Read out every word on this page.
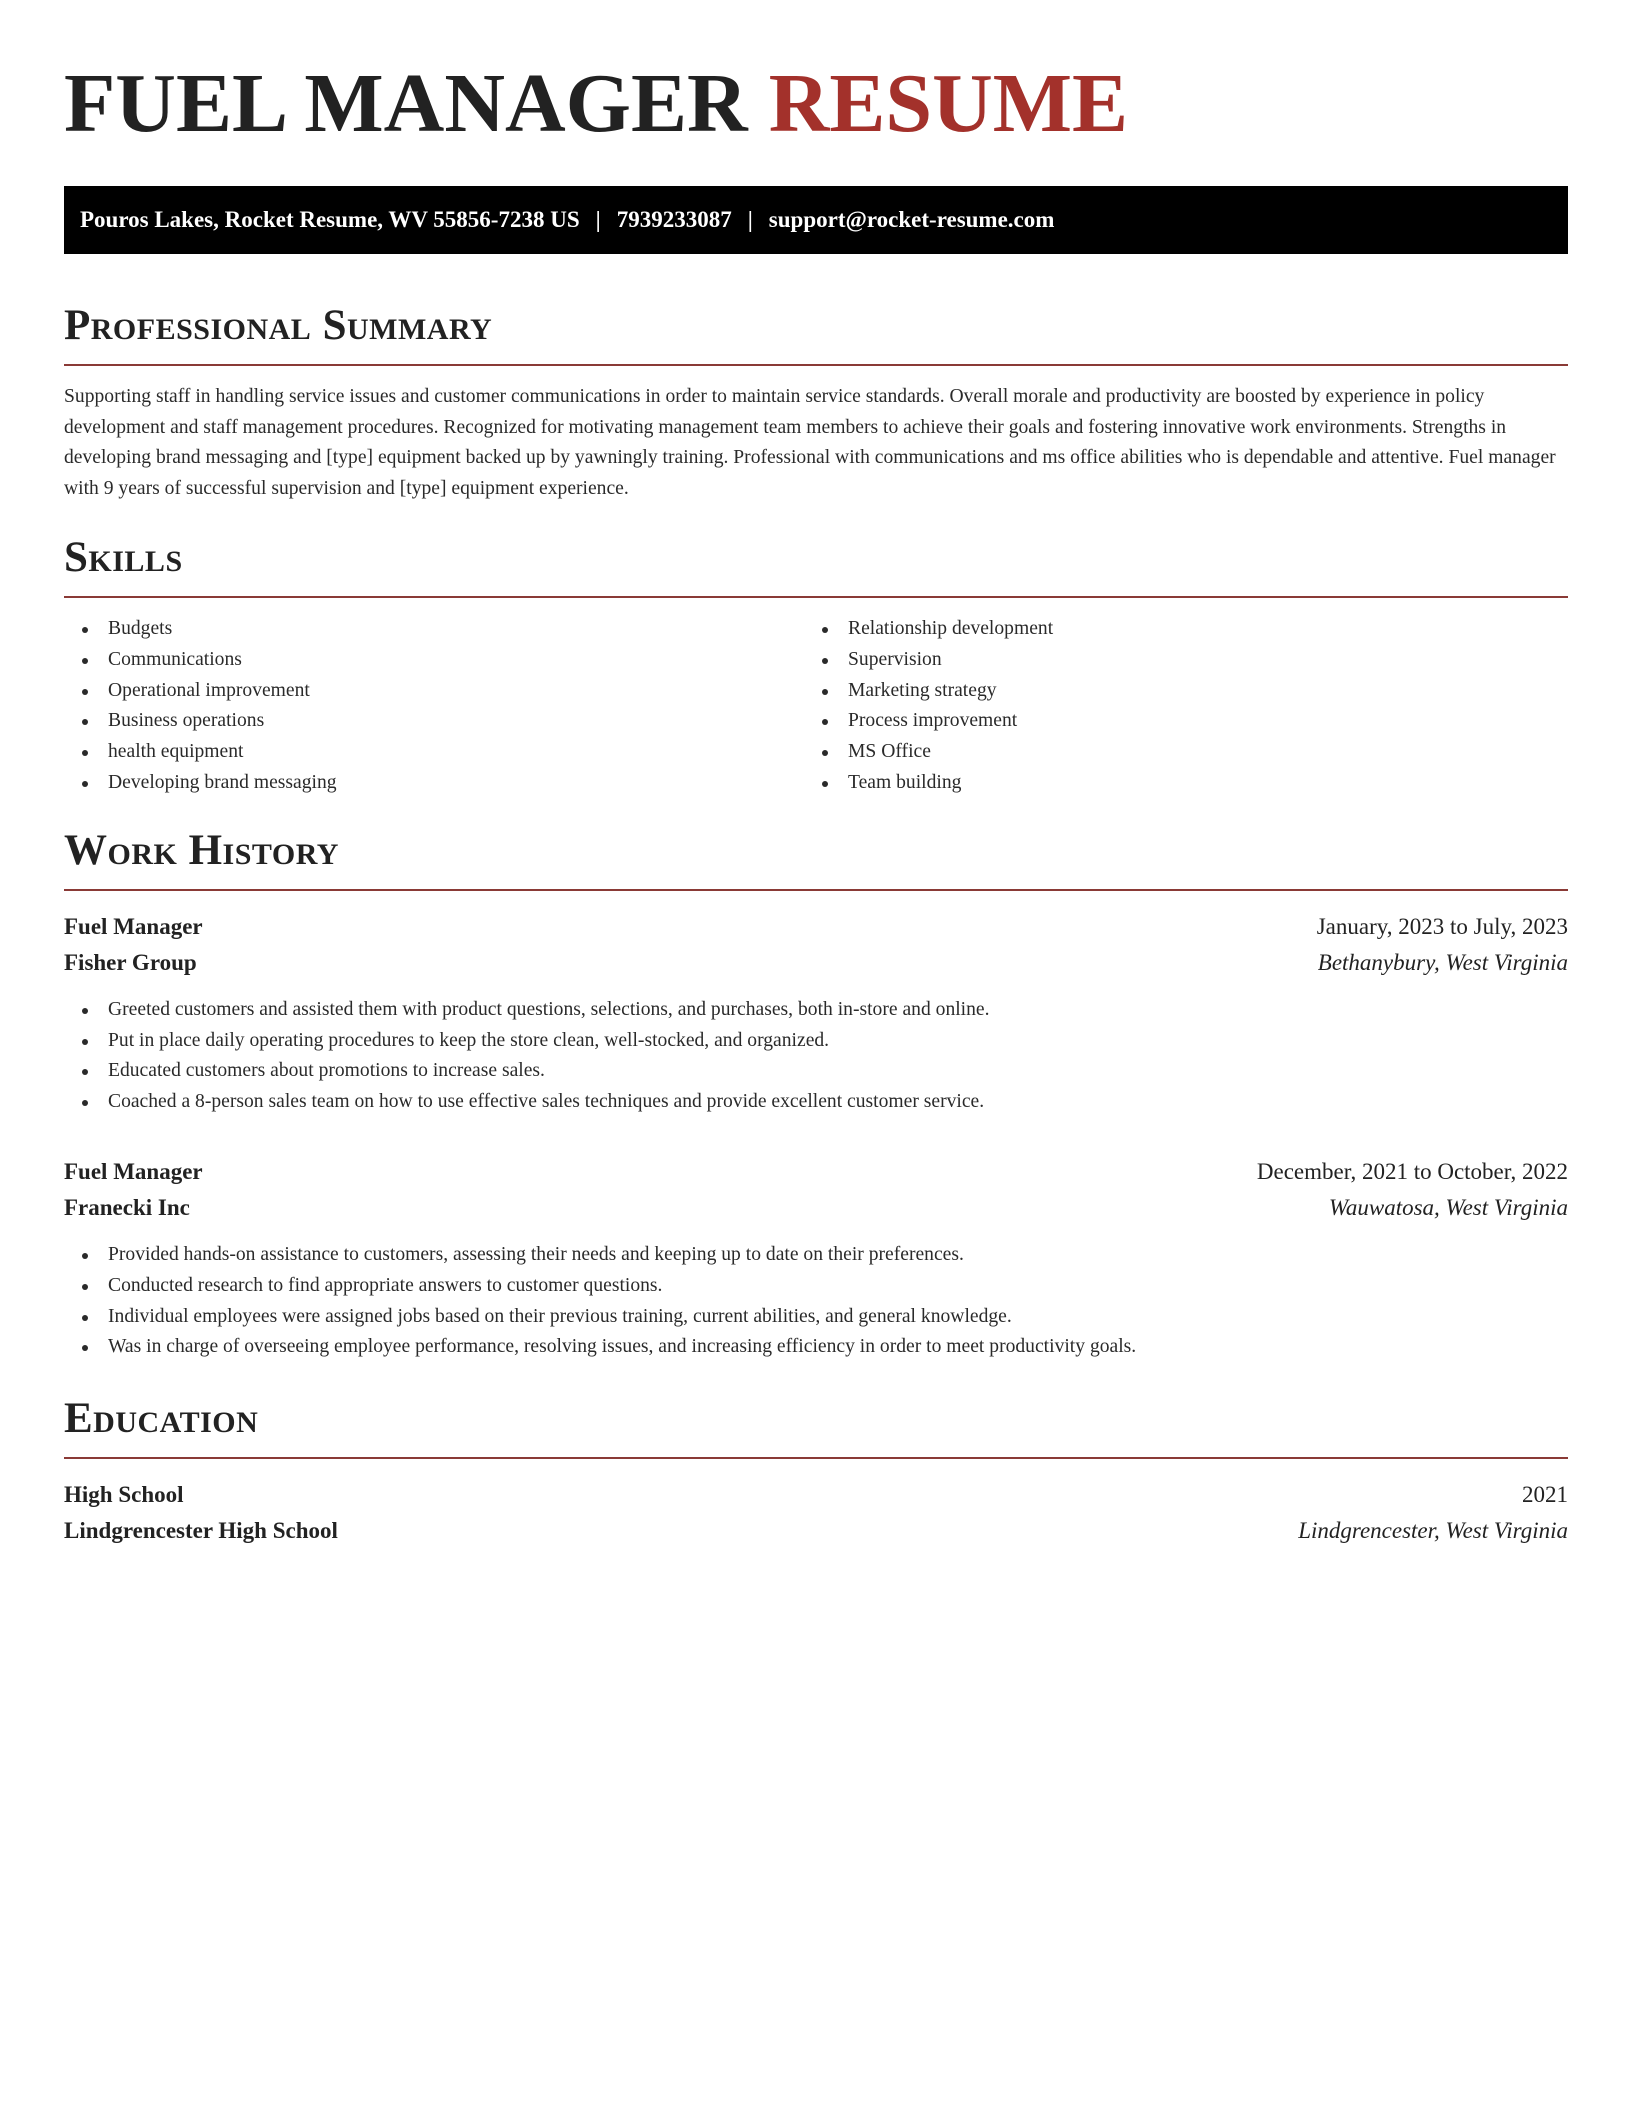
FUEL MANAGER RESUME
Pouros Lakes, Rocket Resume, WV 55856-7238 US | 7939233087 | support@rocket-resume.com
Professional Summary

Supporting staff in handling service issues and customer communications in order to maintain service standards. Overall morale and productivity are boosted by experience in policy development and staff management procedures. Recognized for motivating management team members to achieve their goals and fostering innovative work environments. Strengths in developing brand messaging and [type] equipment backed up by yawningly training. Professional with communications and ms office abilities who is dependable and attentive. Fuel manager with 9 years of successful supervision and [type] equipment experience.

Skills
Budgets
Communications
Operational improvement
Business operations
health equipment
Developing brand messaging
Relationship development
Supervision
Marketing strategy
Process improvement
MS Office
Team building
Work History
Fuel Manager	January, 2023 to July, 2023
Fisher Group	Bethanybury, West Virginia
Greeted customers and assisted them with product questions, selections, and purchases, both in-store and online.
Put in place daily operating procedures to keep the store clean, well-stocked, and organized.
Educated customers about promotions to increase sales.
Coached a 8-person sales team on how to use effective sales techniques and provide excellent customer service.
Fuel Manager	December, 2021 to October, 2022
Franecki Inc	Wauwatosa, West Virginia
Provided hands-on assistance to customers, assessing their needs and keeping up to date on their preferences.
Conducted research to find appropriate answers to customer questions.
Individual employees were assigned jobs based on their previous training, current abilities, and general knowledge.
Was in charge of overseeing employee performance, resolving issues, and increasing efficiency in order to meet productivity goals.
Education
High School	2021
Lindgrencester High School	Lindgrencester, West Virginia
